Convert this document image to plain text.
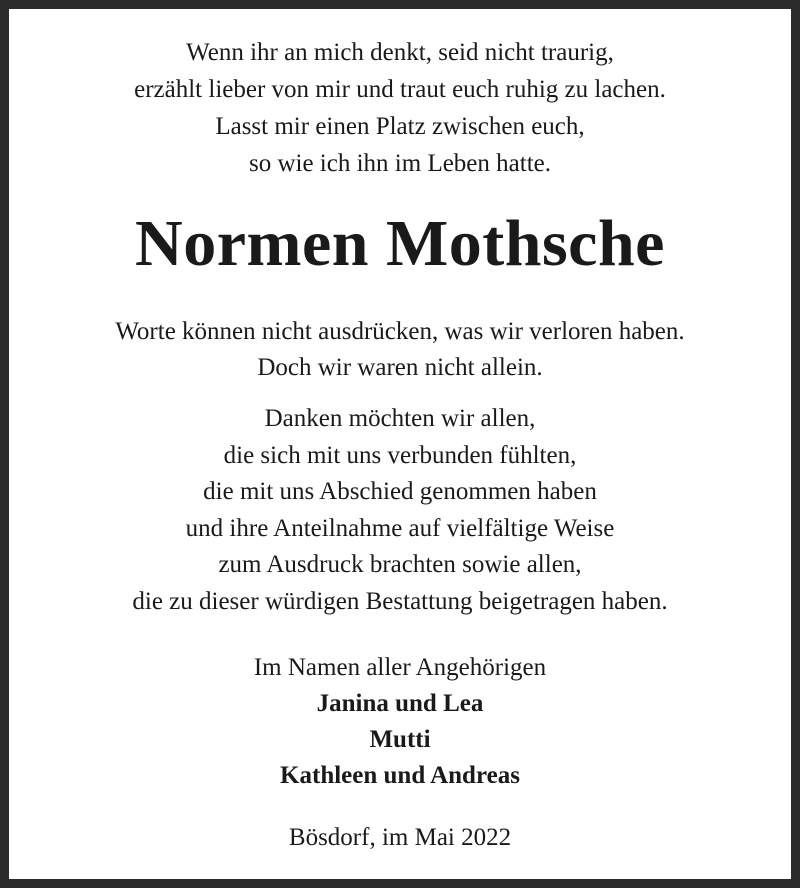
Wenn ihr an mich denkt, seid nicht traurig,
erzählt lieber von mir und traut euch ruhig zu lachen.
Lasst mir einen Platz zwischen euch,
so wie ich ihn im Leben hatte.
Normen Mothsche
Worte können nicht ausdrücken, was wir verloren haben.
Doch wir waren nicht allein.
Danken möchten wir allen,
die sich mit uns verbunden fühlten,
die mit uns Abschied genommen haben
und ihre Anteilnahme auf vielfältige Weise
zum Ausdruck brachten sowie allen,
die zu dieser würdigen Bestattung beigetragen haben.
Im Namen aller Angehörigen
Janina und Lea
Mutti
Kathleen und Andreas
Bösdorf, im Mai 2022
